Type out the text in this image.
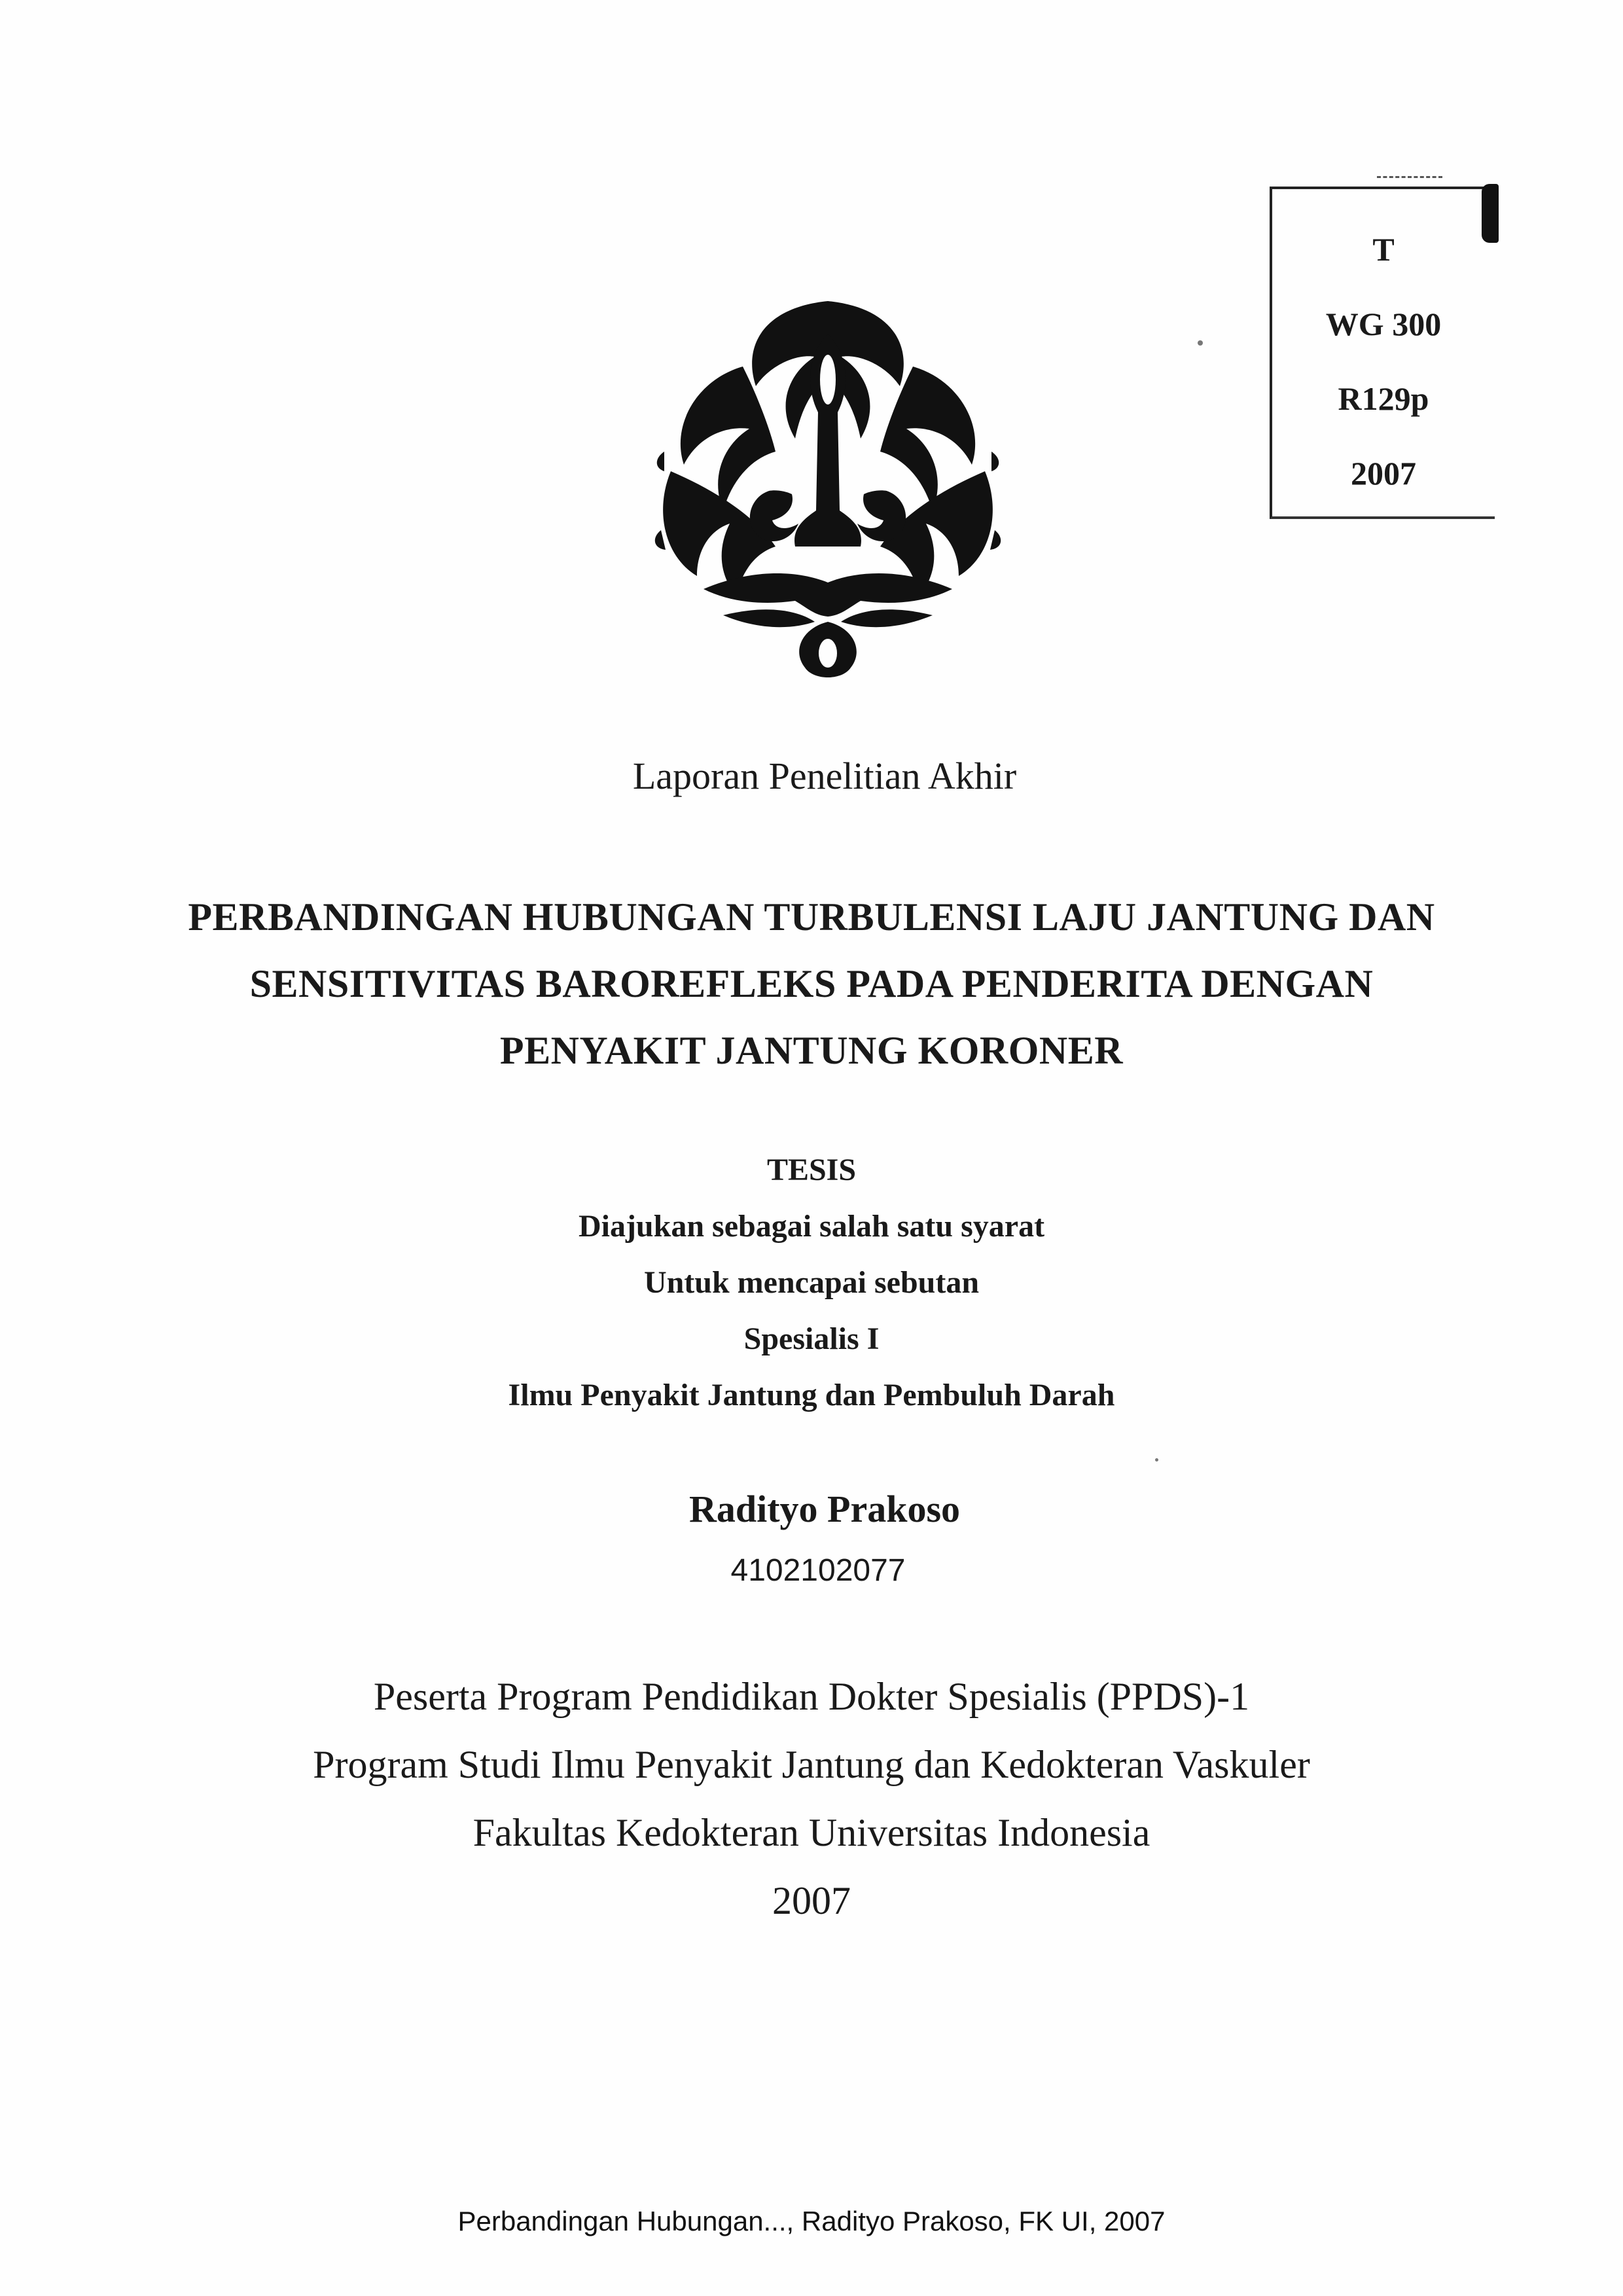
T
WG 300
R129p
2007
Laporan Penelitian Akhir
PERBANDINGAN HUBUNGAN TURBULENSI LAJU JANTUNG DAN
SENSITIVITAS BAROREFLEKS PADA PENDERITA DENGAN
PENYAKIT JANTUNG KORONER
TESIS
Diajukan sebagai salah satu syarat
Untuk mencapai sebutan
Spesialis I
Ilmu Penyakit Jantung dan Pembuluh Darah
Radityo Prakoso
4102102077
Peserta Program Pendidikan Dokter Spesialis (PPDS)-1
Program Studi Ilmu Penyakit Jantung dan Kedokteran Vaskuler
Fakultas Kedokteran Universitas Indonesia
2007
Perbandingan Hubungan..., Radityo Prakoso, FK UI, 2007
